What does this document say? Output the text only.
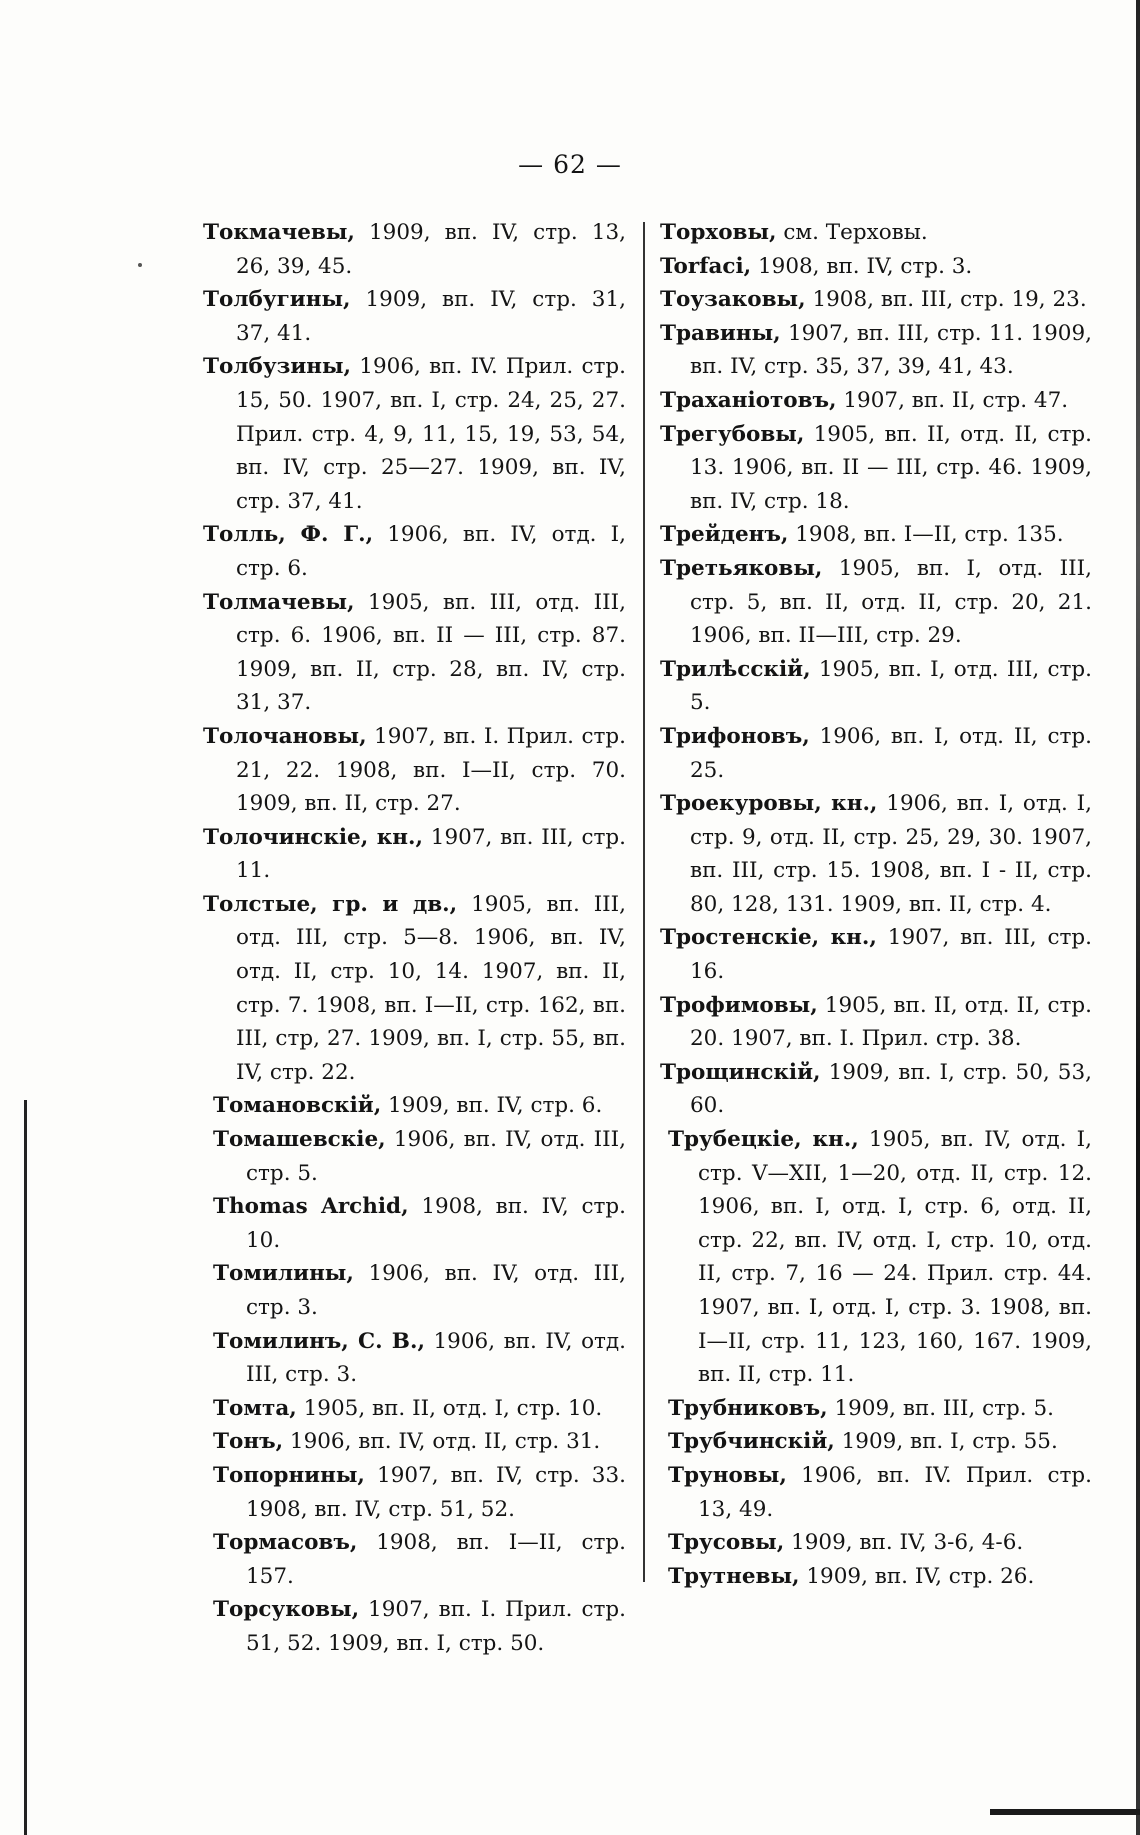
— 62 —

Токмачевы, 1909, вп. IV, стр. 13, 26, 39, 45.

Толбугины, 1909, вп. IV, стр. 31, 37, 41.

Толбузины, 1906, вп. IV. Прил. стр. 15, 50. 1907, вп. I, стр. 24, 25, 27. Прил. стр. 4, 9, 11, 15, 19, 53, 54, вп. IV, стр. 25—27. 1909, вп. IV, стр. 37, 41.

Толль, Ф. Г., 1906, вп. IV, отд. I, стр. 6.

Толмачевы, 1905, вп. III, отд. III, стр. 6. 1906, вп. II — III, стр. 87. 1909, вп. II, стр. 28, вп. IV, стр. 31, 37.

Толочановы, 1907, вп. I. Прил. стр. 21, 22. 1908, вп. I—II, стр. 70. 1909, вп. II, стр. 27.

Толочинскіе, кн., 1907, вп. III, стр. 11.

Толстые, гр. и дв., 1905, вп. III, отд. III, стр. 5—8. 1906, вп. IV, отд. II, стр. 10, 14. 1907, вп. II, стр. 7. 1908, вп. I—II, стр. 162, вп. III, стр, 27. 1909, вп. I, стр. 55, вп. IV, стр. 22.

Томановскій, 1909, вп. IV, стр. 6.

Томашевскіе, 1906, вп. IV, отд. III, стр. 5.

Thomas Archid, 1908, вп. IV, стр. 10.

Томилины, 1906, вп. IV, отд. III, стр. 3.

Томилинъ, С. В., 1906, вп. IV, отд. III, стр. 3.

Томта, 1905, вп. II, отд. I, стр. 10.

Тонъ, 1906, вп. IV, отд. II, стр. 31.

Топорнины, 1907, вп. IV, стр. 33. 1908, вп. IV, стр. 51, 52.

Тормасовъ, 1908, вп. I—II, стр. 157.

Торсуковы, 1907, вп. I. Прил. стр. 51, 52. 1909, вп. I, стр. 50.

Торховы, см. Терховы.

Torfaci, 1908, вп. IV, стр. 3.

Тоузаковы, 1908, вп. III, стр. 19, 23.

Травины, 1907, вп. III, стр. 11. 1909, вп. IV, стр. 35, 37, 39, 41, 43.

Траханіотовъ, 1907, вп. II, стр. 47.

Трегубовы, 1905, вп. II, отд. II, стр. 13. 1906, вп. II — III, стр. 46. 1909, вп. IV, стр. 18.

Трейденъ, 1908, вп. I—II, стр. 135.

Третьяковы, 1905, вп. I, отд. III, стр. 5, вп. II, отд. II, стр. 20, 21. 1906, вп. II—III, стр. 29.

Трилѣсскій, 1905, вп. I, отд. III, стр. 5.

Трифоновъ, 1906, вп. I, отд. II, стр. 25.

Троекуровы, кн., 1906, вп. I, отд. I, стр. 9, отд. II, стр. 25, 29, 30. 1907, вп. III, стр. 15. 1908, вп. I - II, стр. 80, 128, 131. 1909, вп. II, стр. 4.

Тростенскіе, кн., 1907, вп. III, стр. 16.

Трофимовы, 1905, вп. II, отд. II, стр. 20. 1907, вп. I. Прил. стр. 38.

Трощинскій, 1909, вп. I, стр. 50, 53, 60.

Трубецкіе, кн., 1905, вп. IV, отд. I, стр. V—XII, 1—20, отд. II, стр. 12. 1906, вп. I, отд. I, стр. 6, отд. II, стр. 22, вп. IV, отд. I, стр. 10, отд. II, стр. 7, 16 — 24. Прил. стр. 44. 1907, вп. I, отд. I, стр. 3. 1908, вп. I—II, стр. 11, 123, 160, 167. 1909, вп. II, стр. 11.

Трубниковъ, 1909, вп. III, стр. 5.

Трубчинскій, 1909, вп. I, стр. 55.

Труновы, 1906, вп. IV. Прил. стр. 13, 49.

Трусовы, 1909, вп. IV, 3-6, 4-6.

Трутневы, 1909, вп. IV, стр. 26.
